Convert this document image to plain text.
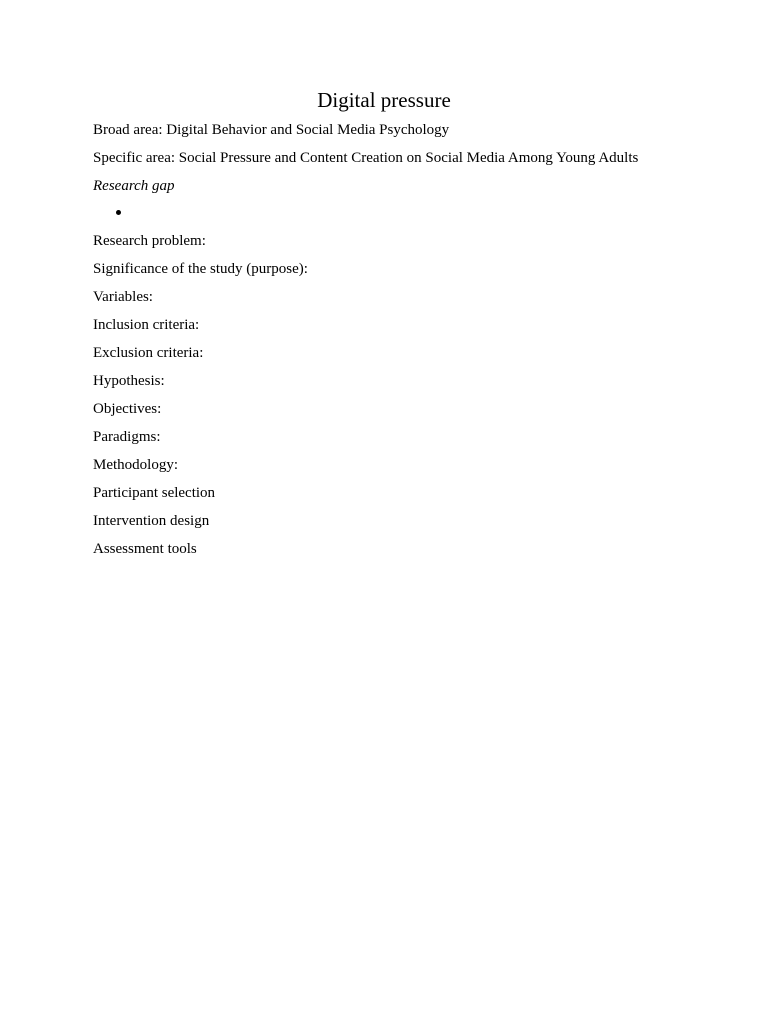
Digital pressure

Broad area: Digital Behavior and Social Media Psychology

Specific area: Social Pressure and Content Creation on Social Media Among Young Adults

Research gap

Research problem:

Significance of the study (purpose):

Variables:

Inclusion criteria:

Exclusion criteria:

Hypothesis:

Objectives:

Paradigms:

Methodology:

Participant selection

Intervention design

Assessment tools
